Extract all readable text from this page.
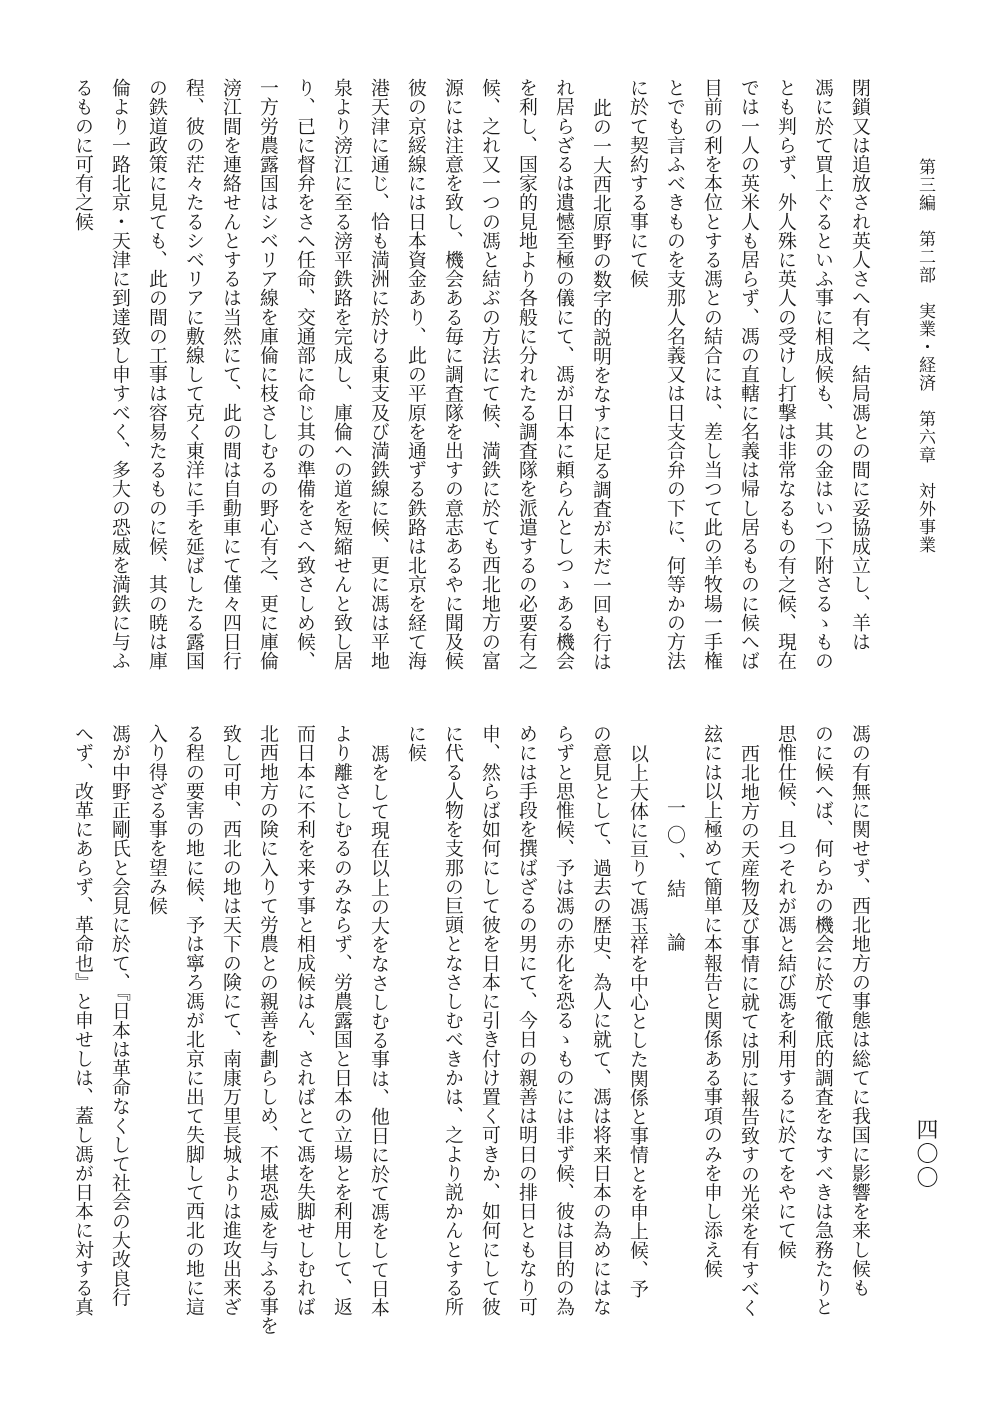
第三編　第二部　実業・経済　第六章　対外事業
四〇〇
閉鎖又は追放され英人さへ有之、結局馮との間に妥協成立し、羊は
馮に於て買上ぐるといふ事に相成候も、其の金はいつ下附さるゝもの
とも判らず、外人殊に英人の受けし打撃は非常なるもの有之候、現在
では一人の英米人も居らず、馮の直轄に名義は帰し居るものに候へば
目前の利を本位とする馮との結合には、差し当つて此の羊牧場一手権
とでも言ふべきものを支那人名義又は日支合弁の下に、何等かの方法
に於て契約する事にて候
此の一大西北原野の数字的説明をなすに足る調査が未だ一回も行は
れ居らざるは遺憾至極の儀にて、馮が日本に頼らんとしつゝある機会
を利し、国家的見地より各般に分れたる調査隊を派遣するの必要有之
候、之れ又一つの馮と結ぶの方法にて候、満鉄に於ても西北地方の富
源には注意を致し、機会ある毎に調査隊を出すの意志あるやに聞及候
彼の京綏線には日本資金あり、此の平原を通ずる鉄路は北京を経て海
港天津に通じ、恰も満洲に於ける東支及び満鉄線に候、更に馮は平地
泉より滂江に至る滂平鉄路を完成し、庫倫への道を短縮せんと致し居
り、已に督弁をさへ任命、交通部に命じ其の準備をさへ致さしめ候、
一方労農露国はシベリア線を庫倫に枝さしむるの野心有之、更に庫倫
滂江間を連絡せんとするは当然にて、此の間は自動車にて僅々四日行
程、彼の茫々たるシベリアに敷線して克く東洋に手を延ばしたる露国
の鉄道政策に見ても、此の間の工事は容易たるものに候、其の暁は庫
倫より一路北京・天津に到達致し申すべく、多大の恐威を満鉄に与ふ
るものに可有之候
馮の有無に関せず、西北地方の事態は総てに我国に影響を来し候も
のに候へば、何らかの機会に於て徹底的調査をなすべきは急務たりと
思惟仕候、且つそれが馮と結び馮を利用するに於てをやにて候
西北地方の天産物及び事情に就ては別に報告致すの光栄を有すべく
玆には以上極めて簡単に本報告と関係ある事項のみを申し添え候
一〇、結　論
以上大体に亘りて馮玉祥を中心とした関係と事情とを申上候、予
の意見として、過去の歴史、為人に就て、馮は将来日本の為めにはな
らずと思惟候、予は馮の赤化を恐るゝものには非ず候、彼は目的の為
めには手段を撰ばざるの男にて、今日の親善は明日の排日ともなり可
申、然らば如何にして彼を日本に引き付け置く可きか、如何にして彼
に代る人物を支那の巨頭となさしむべきかは、之より説かんとする所
に候
馮をして現在以上の大をなさしむる事は、他日に於て馮をして日本
より離さしむるのみならず、労農露国と日本の立場とを利用して、返
而日本に不利を来す事と相成候はん、さればとて馮を失脚せしむれば
北西地方の険に入りて労農との親善を劃らしめ、不堪恐威を与ふる事を
致し可申、西北の地は天下の険にて、南康万里長城よりは進攻出来ざ
る程の要害の地に候、予は寧ろ馮が北京に出て失脚して西北の地に這
入り得ざる事を望み候
馮が中野正剛氏と会見に於て、『日本は革命なくして社会の大改良行
へず、改革にあらず、革命也』と申せしは、蓋し馮が日本に対する真
